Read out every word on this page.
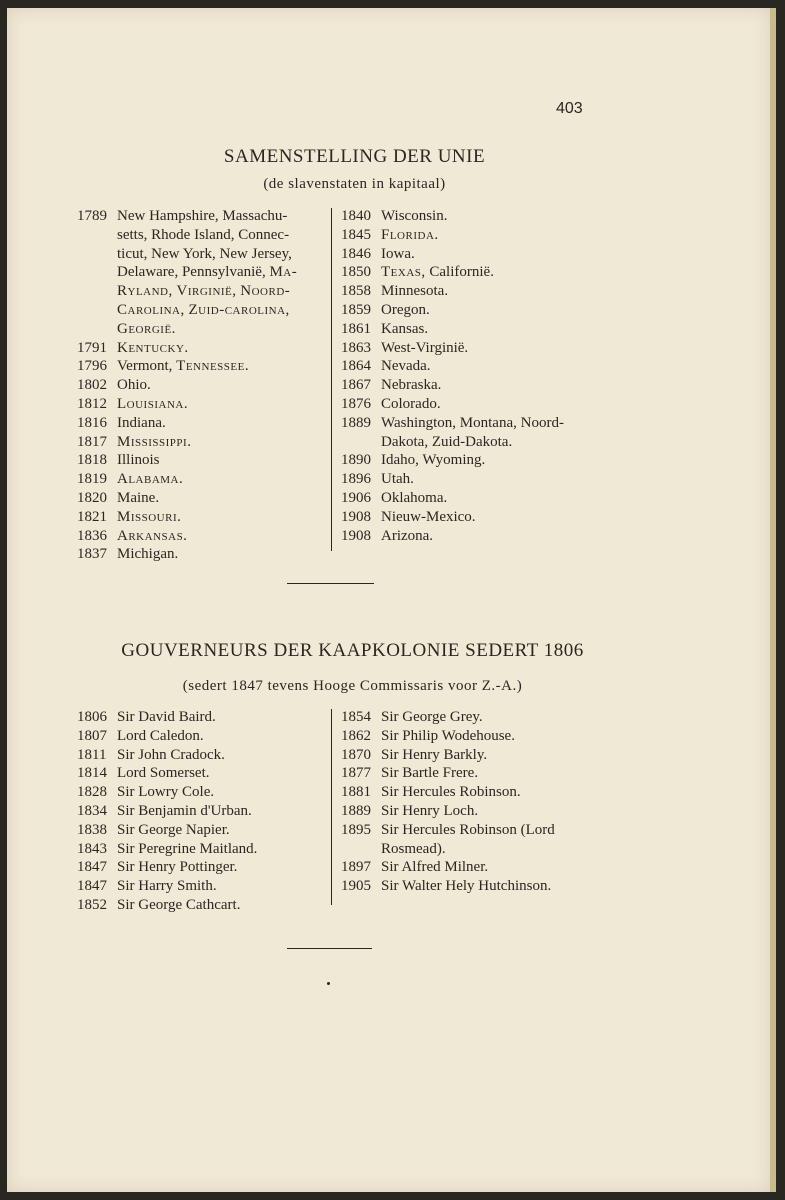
403
SAMENSTELLING DER UNIE
(de slavenstaten in kapitaal)
1789 New Hampshire, Massachu-
setts, Rhode Island, Connec-
ticut, New York, New Jersey,
Delaware, Pennsylvanië, Ma-
Ryland, Virginië, Noord-
Carolina, Zuid-carolina,
Georgië.
1791 Kentucky.
1796 Vermont, Tennessee.
1802 Ohio.
1812 Louisiana.
1816 Indiana.
1817 Mississippi.
1818 Illinois
1819 Alabama.
1820 Maine.
1821 Missouri.
1836 Arkansas.
1837 Michigan.
1840 Wisconsin.
1845 Florida.
1846 Iowa.
1850 Texas, Californië.
1858 Minnesota.
1859 Oregon.
1861 Kansas.
1863 West-Virginië.
1864 Nevada.
1867 Nebraska.
1876 Colorado.
1889 Washington, Montana, Noord-
Dakota, Zuid-Dakota.
1890 Idaho, Wyoming.
1896 Utah.
1906 Oklahoma.
1908 Nieuw-Mexico.
1908 Arizona.
GOUVERNEURS DER KAAPKOLONIE SEDERT 1806
(sedert 1847 tevens Hooge Commissaris voor Z.-A.)
1806 Sir David Baird.
1807 Lord Caledon.
1811 Sir John Cradock.
1814 Lord Somerset.
1828 Sir Lowry Cole.
1834 Sir Benjamin d'Urban.
1838 Sir George Napier.
1843 Sir Peregrine Maitland.
1847 Sir Henry Pottinger.
1847 Sir Harry Smith.
1852 Sir George Cathcart.
1854 Sir George Grey.
1862 Sir Philip Wodehouse.
1870 Sir Henry Barkly.
1877 Sir Bartle Frere.
1881 Sir Hercules Robinson.
1889 Sir Henry Loch.
1895 Sir Hercules Robinson (Lord
Rosmead).
1897 Sir Alfred Milner.
1905 Sir Walter Hely Hutchinson.
